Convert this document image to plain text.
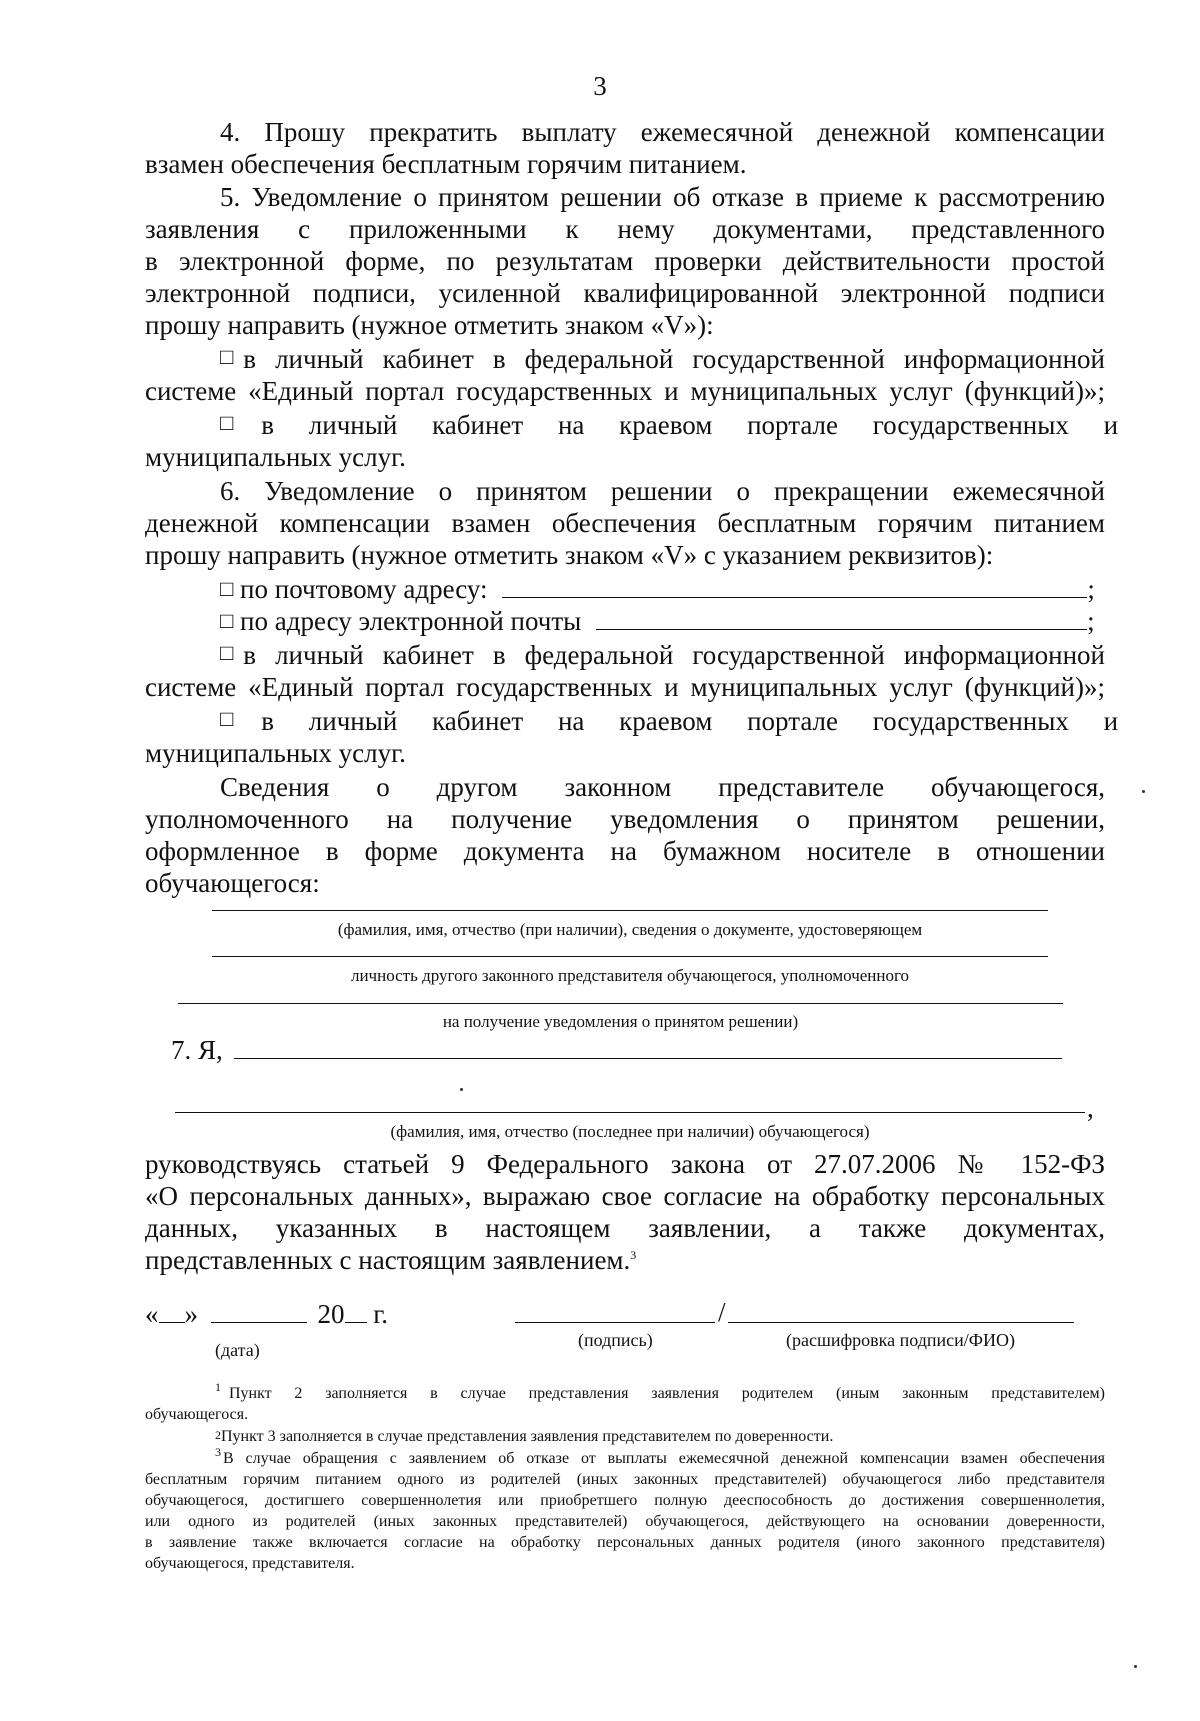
3
4. Прошу прекратить выплату ежемесячной денежной компенсации
взамен обеспечения бесплатным горячим питанием.
5. Уведомление о принятом решении об отказе в приеме к рассмотрению
заявления с приложенными к нему документами, представленного
в электронной форме, по результатам проверки действительности простой
электронной подписи, усиленной квалифицированной электронной подписи
прошу направить (нужное отметить знаком «V»):
□ в личный кабинет в федеральной государственной информационной
системе «Единый портал государственных и муниципальных услуг (функций)»;
□ в личный кабинет на краевом портале государственных и
муниципальных услуг.
6. Уведомление о принятом решении о прекращении ежемесячной
денежной компенсации взамен обеспечения бесплатным горячим питанием
прошу направить (нужное отметить знаком «V» с указанием реквизитов):
□ по почтовому адресу:	;
□ по адресу электронной почты	;
□ в личный кабинет в федеральной государственной информационной
системе «Единый портал государственных и муниципальных услуг (функций)»;
□ в личный кабинет на краевом портале государственных и
муниципальных услуг.
Сведения о другом законном представителе обучающегося,
уполномоченного на получение уведомления о принятом решении,
оформленное в форме документа на бумажном носителе в отношении
обучающегося:
(фамилия, имя, отчество (при наличии), сведения о документе, удостоверяющем
личность другого законного представителя обучающегося, уполномоченного
на получение уведомления о принятом решении)
7. Я,
,
(фамилия, имя, отчество (последнее при наличии) обучающегося)
руководствуясь статьей 9 Федерального закона от 27.07.2006 № 152-ФЗ
«О персональных данных», выражаю свое согласие на обработку персональных
данных, указанных в настоящем заявлении, а также документах,
представленных с настоящим заявлением.$^3$
« »	20 г.
(дата)
/
(подпись)	(расшифровка подписи/ФИО)
$^1$ Пункт 2 заполняется в случае представления заявления родителем (иным законным представителем)
обучающегося.
$^2$Пункт 3 заполняется в случае представления заявления представителем по доверенности.
$^3$ В случае обращения с заявлением об отказе от выплаты ежемесячной денежной компенсации взамен обеспечения
бесплатным горячим питанием одного из родителей (иных законных представителей) обучающегося либо представителя
обучающегося, достигшего совершеннолетия или приобретшего полную дееспособность до достижения совершеннолетия,
или одного из родителей (иных законных представителей) обучающегося, действующего на основании доверенности,
в заявление также включается согласие на обработку персональных данных родителя (иного законного представителя)
обучающегося, представителя.
